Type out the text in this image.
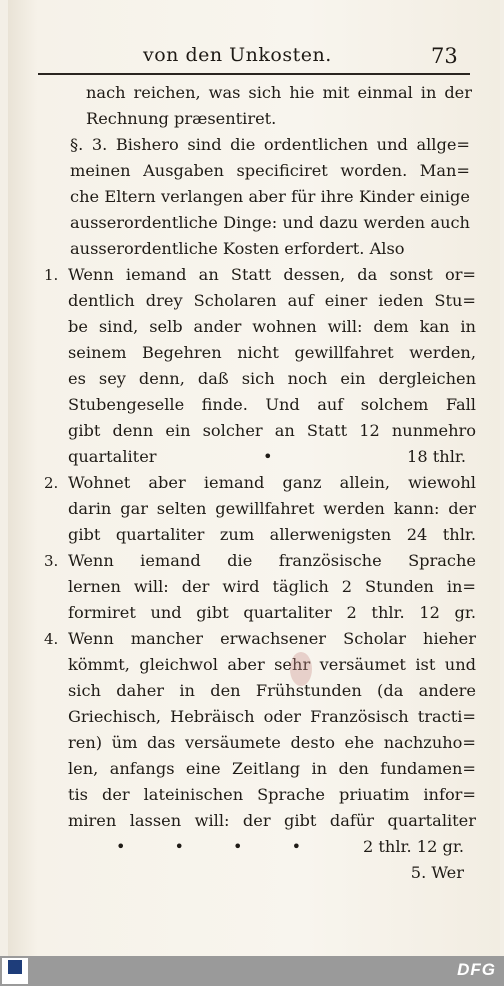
von den Unkosten.	73
nach reichen, was sich hie mit einmal in der
Rechnung præsentiret.
§. 3. Bishero sind die ordentlichen und allge=
meinen Ausgaben specificiret worden. Man=
che Eltern verlangen aber für ihre Kinder einige
ausserordentliche Dinge: und dazu werden auch
ausserordentliche Kosten erfordert. Also
1. Wenn iemand an Statt dessen, da sonst or=
dentlich drey Scholaren auf einer ieden Stu=
be sind, selb ander wohnen will: dem kan in
seinem Begehren nicht gewillfahret werden,
es sey denn, daß sich noch ein dergleichen
Stubengeselle finde. Und auf solchem Fall
gibt denn ein solcher an Statt 12 nunmehro
quartaliter	•	18 thlr.
2. Wohnet aber iemand ganz allein, wiewohl
darin gar selten gewillfahret werden kann: der
gibt quartaliter zum allerwenigsten 24 thlr.
3. Wenn iemand die französische Sprache
lernen will: der wird täglich 2 Stunden in=
formiret und gibt quartaliter 2 thlr. 12 gr.
4. Wenn mancher erwachsener Scholar hieher
kömmt, gleichwol aber sehr versäumet ist und
sich daher in den Frühstunden (da andere
Griechisch, Hebräisch oder Französisch tracti=
ren) üm das versäumete desto ehe nachzuho=
len, anfangs eine Zeitlang in den fundamen=
tis der lateinischen Sprache priuatim infor=
miren lassen will: der gibt dafür quartaliter
• • • •	2 thlr. 12 gr.
5. Wer
DFG
